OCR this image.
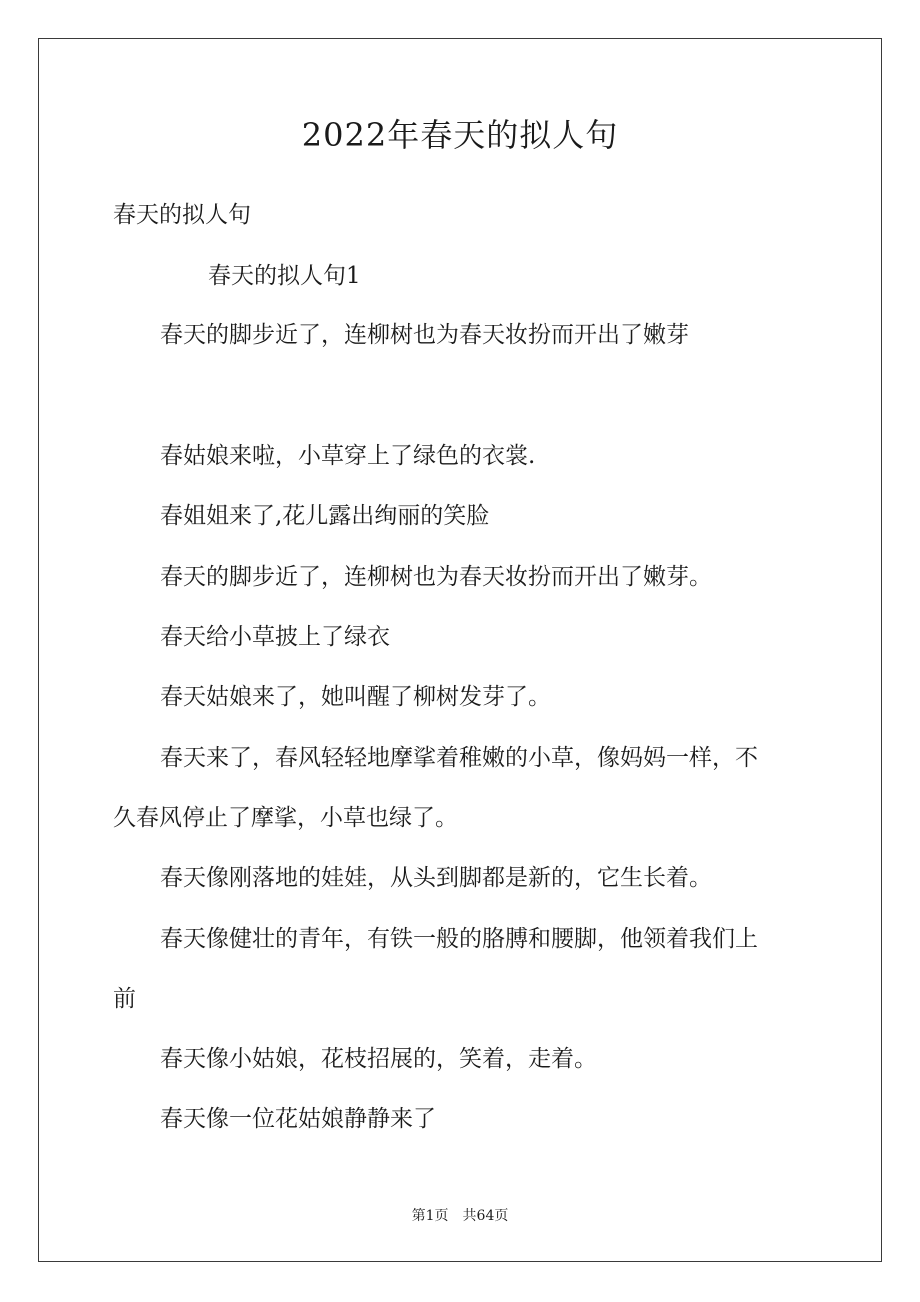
2022年春天的拟人句

春天的拟人句

春天的拟人句1

春天的脚步近了，连柳树也为春天妆扮而开出了嫩芽

春姑娘来啦，小草穿上了绿色的衣裳.

春姐姐来了,花儿露出绚丽的笑脸

春天的脚步近了，连柳树也为春天妆扮而开出了嫩芽。

春天给小草披上了绿衣

春天姑娘来了，她叫醒了柳树发芽了。

春天来了，春风轻轻地摩挲着稚嫩的小草，像妈妈一样，不

久春风停止了摩挲，小草也绿了。

春天像刚落地的娃娃，从头到脚都是新的，它生长着。

春天像健壮的青年，有铁一般的胳膊和腰脚，他领着我们上

前

春天像小姑娘，花枝招展的，笑着，走着。

春天像一位花姑娘静静来了

第1页　共64页
